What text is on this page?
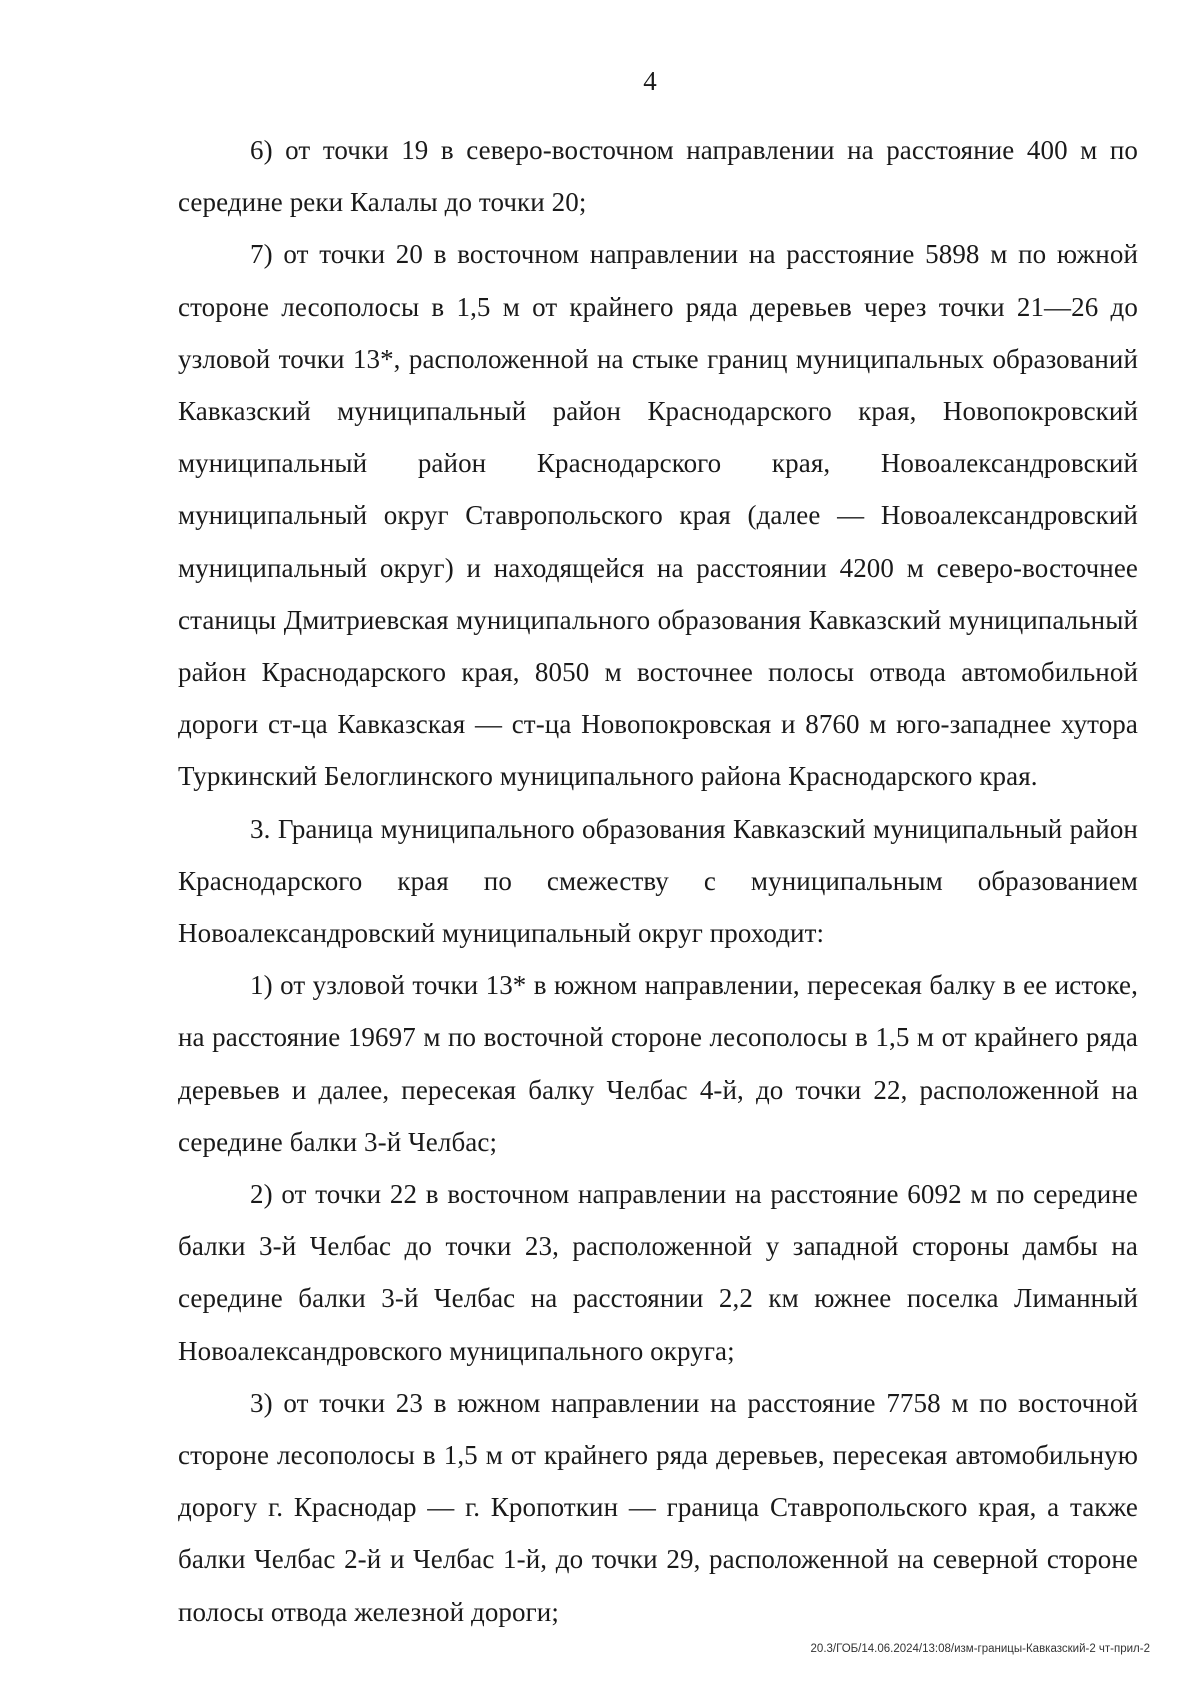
4

6) от точки 19 в северо-восточном направлении на расстояние 400 м по середине реки Калалы до точки 20;

7) от точки 20 в восточном направлении на расстояние 5898 м по южной стороне лесополосы в 1,5 м от крайнего ряда деревьев через точки 21—26 до узловой точки 13*, расположенной на стыке границ муниципальных образований Кавказский муниципальный район Краснодарского края, Новопокровский муниципальный район Краснодарского края, Новоалександровский муниципальный округ Ставропольского края (далее — Новоалександровский муниципальный округ) и находящейся на расстоянии 4200 м северо-восточнее станицы Дмитриевская муниципального образования Кавказский муниципальный район Краснодарского края, 8050 м восточнее полосы отвода автомобильной дороги ст-ца Кавказская — ст-ца Новопокровская и 8760 м юго-западнее хутора Туркинский Белоглинского муниципального района Краснодарского края.

3. Граница муниципального образования Кавказский муниципальный район Краснодарского края по смежеству с муниципальным образованием Новоалександровский муниципальный округ проходит:

1) от узловой точки 13* в южном направлении, пересекая балку в ее истоке, на расстояние 19697 м по восточной стороне лесополосы в 1,5 м от крайнего ряда деревьев и далее, пересекая балку Челбас 4-й, до точки 22, расположенной на середине балки 3-й Челбас;

2) от точки 22 в восточном направлении на расстояние 6092 м по середине балки 3-й Челбас до точки 23, расположенной у западной стороны дамбы на середине балки 3-й Челбас на расстоянии 2,2 км южнее поселка Лиманный Новоалександровского муниципального округа;

3) от точки 23 в южном направлении на расстояние 7758 м по восточной стороне лесополосы в 1,5 м от крайнего ряда деревьев, пересекая автомобильную дорогу г. Краснодар — г. Кропоткин — граница Ставропольского края, а также балки Челбас 2-й и Челбас 1-й, до точки 29, расположенной на северной стороне полосы отвода железной дороги;

20.3/ГОБ/14.06.2024/13:08/изм-границы-Кавказский-2 чт-прил-2
